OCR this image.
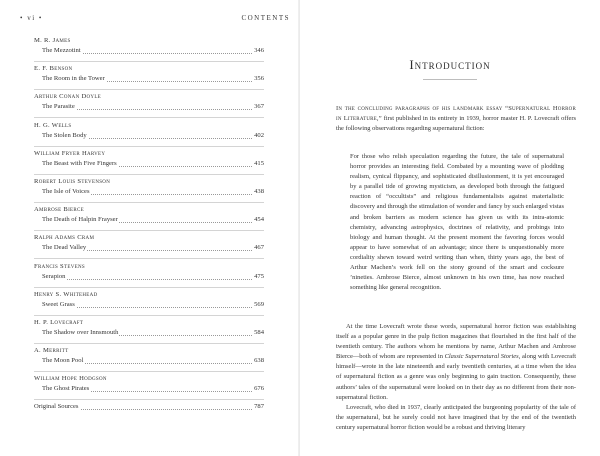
• vi •	CONTENTS
M. R. James
The Mezzotint	346
E. F. Benson
The Room in the Tower	356
Arthur Conan Doyle
The Parasite	367
H. G. Wells
The Stolen Body	402
William Fryer Harvey
The Beast with Five Fingers	415
Robert Louis Stevenson
The Isle of Voices	438
Ambrose Bierce
The Death of Halpin Frayser	454
Ralph Adams Cram
The Dead Valley	467
Francis Stevens
Serapion	475
Henry S. Whitehead
Sweet Grass	569
H. P. Lovecraft
The Shadow over Innsmouth	584
A. Merritt
The Moon Pool	638
William Hope Hodgson
The Ghost Pirates	676
Original Sources	787
Introduction

In the concluding paragraphs of his landmark essay “Supernatural Horror in Literature,” first published in its entirety in 1939, horror master H. P. Lovecraft offers the following observations regarding supernatural fiction:

For those who relish speculation regarding the future, the tale of supernatural horror provides an interesting field. Combated by a mounting wave of plodding realism, cynical flippancy, and sophisticated disillusionment, it is yet encouraged by a parallel tide of growing mysticism, as developed both through the fatigued reaction of “occultists” and religious fundamentalists against materialistic discovery and through the stimulation of wonder and fancy by such enlarged vistas and broken barriers as modern science has given us with its intra-atomic chemistry, advancing astrophysics, doctrines of relativity, and probings into biology and human thought. At the present moment the favoring forces would appear to have somewhat of an advantage; since there is unquestionably more cordiality shewn toward weird writing than when, thirty years ago, the best of Arthur Machen’s work fell on the stony ground of the smart and cocksure ’nineties. Ambrose Bierce, almost unknown in his own time, has now reached something like general recognition.

At the time Lovecraft wrote these words, supernatural horror fiction was establishing itself as a popular genre in the pulp fiction magazines that flourished in the first half of the twentieth century. The authors whom he mentions by name, Arthur Machen and Ambrose Bierce—both of whom are represented in Classic Supernatural Stories, along with Lovecraft himself—wrote in the late nineteenth and early twentieth centuries, at a time when the idea of supernatural fiction as a genre was only beginning to gain traction. Consequently, these authors’ tales of the supernatural were looked on in their day as no different from their non-supernatural fiction.

Lovecraft, who died in 1937, clearly anticipated the burgeoning popularity of the tale of the supernatural, but he surely could not have imagined that by the end of the twentieth century supernatural horror fiction would be a robust and thriving literary
